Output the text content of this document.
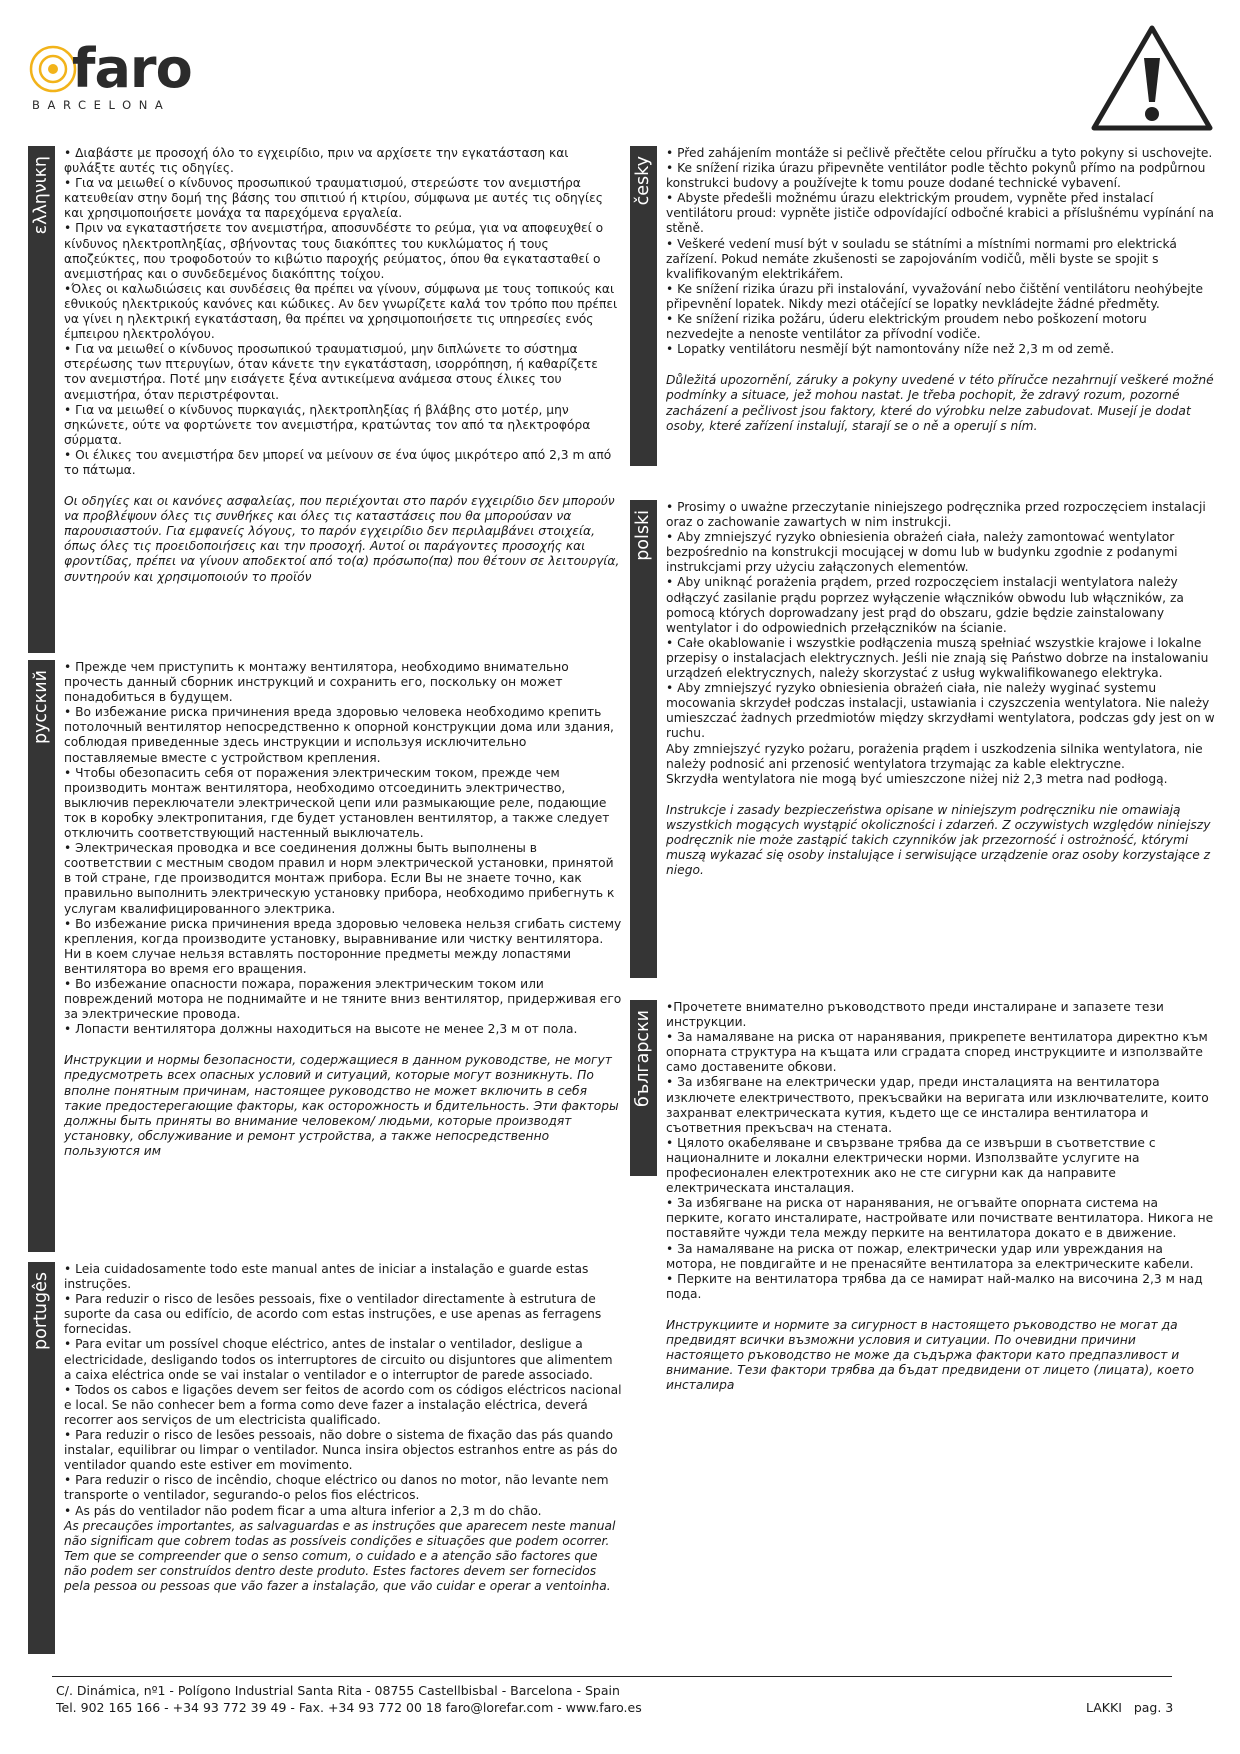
faro
BARCELONA
ελληνικη

• Διαβάστε με προσοχή όλο το εγχειρίδιο, πριν να αρχίσετε την εγκατάσταση και φυλάξτε αυτές τις οδηγίες.

• Για να μειωθεί ο κίνδυνος προσωπικού τραυματισμού, στερεώστε τον ανεμιστήρα κατευθείαν στην δομή της βάσης του σπιτιού ή κτιρίου, σύμφωνα με αυτές τις οδηγίες και χρησιμοποιήσετε μονάχα τα παρεχόμενα εργαλεία.

• Πριν να εγκαταστήσετε τον ανεμιστήρα, αποσυνδέστε το ρεύμα, για να αποφευχθεί ο κίνδυνος ηλεκτροπληξίας, σβήνοντας τους διακόπτες του κυκλώματος ή τους αποζεύκτες, που τροφοδοτούν το κιβώτιο παροχής ρεύματος, όπου θα εγκατασταθεί ο ανεμιστήρας και ο συνδεδεμένος διακόπτης τοίχου.

•Όλες οι καλωδιώσεις και συνδέσεις θα πρέπει να γίνουν, σύμφωνα με τους τοπικούς και εθνικούς ηλεκτρικούς κανόνες και κώδικες. Αν δεν γνωρίζετε καλά τον τρόπο που πρέπει να γίνει η ηλεκτρική εγκατάσταση, θα πρέπει να χρησιμοποιήσετε τις υπηρεσίες ενός έμπειρου ηλεκτρολόγου.

• Για να μειωθεί ο κίνδυνος προσωπικού τραυματισμού, μην διπλώνετε το σύστημα στερέωσης των πτερυγίων, όταν κάνετε την εγκατάσταση, ισορρόπηση, ή καθαρίζετε τον ανεμιστήρα. Ποτέ μην εισάγετε ξένα αντικείμενα ανάμεσα στους έλικες του ανεμιστήρα, όταν περιστρέφονται.

• Για να μειωθεί ο κίνδυνος πυρκαγιάς, ηλεκτροπληξίας ή βλάβης στο μοτέρ, μην σηκώνετε, ούτε να φορτώνετε τον ανεμιστήρα, κρατώντας τον από τα ηλεκτροφόρα σύρματα.

• Οι έλικες του ανεμιστήρα δεν μπορεί να μείνουν σε ένα ύψος μικρότερο από 2,3 m από το πάτωμα.

Οι οδηγίες και οι κανόνες ασφαλείας, που περιέχονται στο παρόν εγχειρίδιο δεν μπορούν να προβλέψουν όλες τις συνθήκες και όλες τις καταστάσεις που θα μπορούσαν να παρουσιαστούν. Για εμφανείς λόγους, το παρόν εγχειρίδιο δεν περιλαμβάνει στοιχεία, όπως όλες τις προειδοποιήσεις και την προσοχή. Αυτοί οι παράγοντες προσοχής και φροντίδας, πρέπει να γίνουν αποδεκτοί από το(α) πρόσωπο(πα) που θέτουν σε λειτουργία, συντηρούν και χρησιμοποιούν το προϊόν

русский

• Прежде чем приступить к монтажу вентилятора, необходимо внимательно прочесть данный сборник инструкций и сохранить его, поскольку он может понадобиться в будущем.

• Во избежание риска причинения вреда здоровью человека необходимо крепить потолочный вентилятор непосредственно к опорной конструкции дома или здания, соблюдая приведенные здесь инструкции и используя исключительно поставляемые вместе с устройством крепления.

• Чтобы обезопасить себя от поражения электрическим током, прежде чем производить монтаж вентилятора, необходимо отсоединить электричество, выключив переключатели электрической цепи или размыкающие реле, подающие ток в коробку электропитания, где будет установлен вентилятор, а также следует отключить соответствующий настенный выключатель.

• Электрическая проводка и все соединения должны быть выполнены в соответствии с местным сводом правил и норм электрической установки, принятой в той стране, где производится монтаж прибора. Если Вы не знаете точно, как правильно выполнить электрическую установку прибора, необходимо прибегнуть к услугам квалифицированного электрика.

• Во избежание риска причинения вреда здоровью человека нельзя сгибать систему крепления, когда производите установку, выравнивание или чистку вентилятора. Ни в коем случае нельзя вставлять посторонние предметы между лопастями вентилятора во время его вращения.

• Во избежание опасности пожара, поражения электрическим током или повреждений мотора не поднимайте и не тяните вниз вентилятор, придерживая его за электрические провода.

• Лопасти вентилятора должны находиться на высоте не менее 2,3 м от пола.

Инструкции и нормы безопасности, содержащиеся в данном руководстве, не могут предусмотреть всех опасных условий и ситуаций, которые могут возникнуть. По вполне понятным причинам, настоящее руководство не может включить в себя такие предостерегающие факторы, как осторожность и бдительность. Эти факторы должны быть приняты во внимание человеком/ людьми, которые производят установку, обслуживание и ремонт устройства, а также непосредственно пользуются им

portugês

• Leia cuidadosamente todo este manual antes de iniciar a instalação e guarde estas instruções.

• Para reduzir o risco de lesões pessoais, fixe o ventilador directamente à estrutura de suporte da casa ou edifício, de acordo com estas instruções, e use apenas as ferragens fornecidas.

• Para evitar um possível choque eléctrico, antes de instalar o ventilador, desligue a electricidade, desligando todos os interruptores de circuito ou disjuntores que alimentem a caixa eléctrica onde se vai instalar o ventilador e o interruptor de parede associado.

• Todos os cabos e ligações devem ser feitos de acordo com os códigos eléctricos nacional e local. Se não conhecer bem a forma como deve fazer a instalação eléctrica, deverá recorrer aos serviços de um electricista qualificado.

• Para reduzir o risco de lesões pessoais, não dobre o sistema de fixação das pás quando instalar, equilibrar ou limpar o ventilador. Nunca insira objectos estranhos entre as pás do ventilador quando este estiver em movimento.

• Para reduzir o risco de incêndio, choque eléctrico ou danos no motor, não levante nem transporte o ventilador, segurando-o pelos fios eléctricos.

• As pás do ventilador não podem ficar a uma altura inferior a 2,3 m do chão.

As precauções importantes, as salvaguardas e as instruções que aparecem neste manual não significam que cobrem todas as possíveis condições e situações que podem ocorrer. Tem que se compreender que o senso comum, o cuidado e a atenção são factores que não podem ser construídos dentro deste produto. Estes factores devem ser fornecidos pela pessoa ou pessoas que vão fazer a instalação, que vão cuidar e operar a ventoinha.

česky

• Před zahájením montáže si pečlivě přečtěte celou příručku a tyto pokyny si uschovejte.

• Ke snížení rizika úrazu připevněte ventilátor podle těchto pokynů přímo na podpůrnou konstrukci budovy a používejte k tomu pouze dodané technické vybavení.

• Abyste předešli možnému úrazu elektrickým proudem, vypněte před instalací ventilátoru proud: vypněte jističe odpovídající odbočné krabici a příslušnému vypínání na stěně.

• Veškeré vedení musí být v souladu se státními a místními normami pro elektrická zařízení. Pokud nemáte zkušenosti se zapojováním vodičů, měli byste se spojit s kvalifikovaným elektrikářem.

• Ke snížení rizika úrazu při instalování, vyvažování nebo čištění ventilátoru neohýbejte připevnění lopatek. Nikdy mezi otáčející se lopatky nevkládejte žádné předměty.

• Ke snížení rizika požáru, úderu elektrickým proudem nebo poškození motoru nezvedejte a nenoste ventilátor za přívodní vodiče.

• Lopatky ventilátoru nesmějí být namontovány níže než 2,3 m od země.

Důležitá upozornění, záruky a pokyny uvedené v této příručce nezahrnují veškeré možné podmínky a situace, jež mohou nastat. Je třeba pochopit, že zdravý rozum, pozorné zacházení a pečlivost jsou faktory, které do výrobku nelze zabudovat. Musejí je dodat osoby, které zařízení instalují, starají se o ně a operují s ním.

polski

• Prosimy o uważne przeczytanie niniejszego podręcznika przed rozpoczęciem instalacji oraz o zachowanie zawartych w nim instrukcji.

• Aby zmniejszyć ryzyko obniesienia obrażeń ciała, należy zamontować wentylator bezpośrednio na konstrukcji mocującej w domu lub w budynku zgodnie z podanymi instrukcjami przy użyciu załączonych elementów.

• Aby uniknąć porażenia prądem, przed rozpoczęciem instalacji wentylatora należy odłączyć zasilanie prądu poprzez wyłączenie włączników obwodu lub włączników, za pomocą których doprowadzany jest prąd do obszaru, gdzie będzie zainstalowany wentylator i do odpowiednich przełączników na ścianie.

• Całe okablowanie i wszystkie podłączenia muszą spełniać wszystkie krajowe i lokalne przepisy o instalacjach elektrycznych. Jeśli nie znają się Państwo dobrze na instalowaniu urządzeń elektrycznych, należy skorzystać z usług wykwalifikowanego elektryka.

• Aby zmniejszyć ryzyko obniesienia obrażeń ciała, nie należy wyginać systemu mocowania skrzydeł podczas instalacji, ustawiania i czyszczenia wentylatora. Nie należy umieszczać żadnych przedmiotów między skrzydłami wentylatora, podczas gdy jest on w ruchu.

Aby zmniejszyć ryzyko pożaru, porażenia prądem i uszkodzenia silnika wentylatora, nie należy podnosić ani przenosić wentylatora trzymając za kable elektryczne.

Skrzydła wentylatora nie mogą być umieszczone niżej niż 2,3 metra nad podłogą.

Instrukcje i zasady bezpieczeństwa opisane w niniejszym podręczniku nie omawiają wszystkich mogących wystąpić okoliczności i zdarzeń. Z oczywistych względów niniejszy podręcznik nie może zastąpić takich czynników jak przezorność i ostrożność, którymi muszą wykazać się osoby instalujące i serwisujące urządzenie oraz osoby korzystające z niego.

български

•Прочетете внимателно ръководството преди инсталиране и запазете тези инструкции.

• За намаляване на риска от наранявания, прикрепете вентилатора директно към опорната структура на къщата или сградата според инструкциите и използвайте само доставените обкови.

• За избягване на електрически удар, преди инсталацията на вентилатора изключете електричеството, прекъсвайки на веригата или изключвателите, които захранват електрическата кутия, където ще се инсталира вентилатора и съответния прекъсвач на стената.

• Цялото окабеляване и свързване трябва да се извърши в съответствие с националните и локални електрически норми. Използвайте услугите на професионален електротехник ако не сте сигурни как да направите електрическата инсталация.

• За избягване на риска от наранявания, не огъвайте опорната система на перките, когато инсталирате, настройвате или почиствате вентилатора. Никога не поставяйте чужди тела между перките на вентилатора докато е в движение.

• За намаляване на риска от пожар, електрически удар или увреждания на мотора, не повдигайте и не пренасяйте вентилатора за електрическите кабели.

• Перките на вентилатора трябва да се намират най-малко на височина 2,3 м над пода.

Инструкциите и нормите за сигурност в настоящето ръководство не могат да предвидят всички възможни условия и ситуации. По очевидни причини настоящето ръководство не може да съдържа фактори като предпазливост и внимание. Тези фактори трябва да бъдат предвидени от лицето (лицата), което инсталира

C/. Dinámica, nº1 - Polígono Industrial Santa Rita - 08755 Castellbisbal - Barcelona - Spain
Tel. 902 165 166 - +34 93 772 39 49 - Fax. +34 93 772 00 18 faro@lorefar.com - www.faro.es	LAKKI pag. 3
